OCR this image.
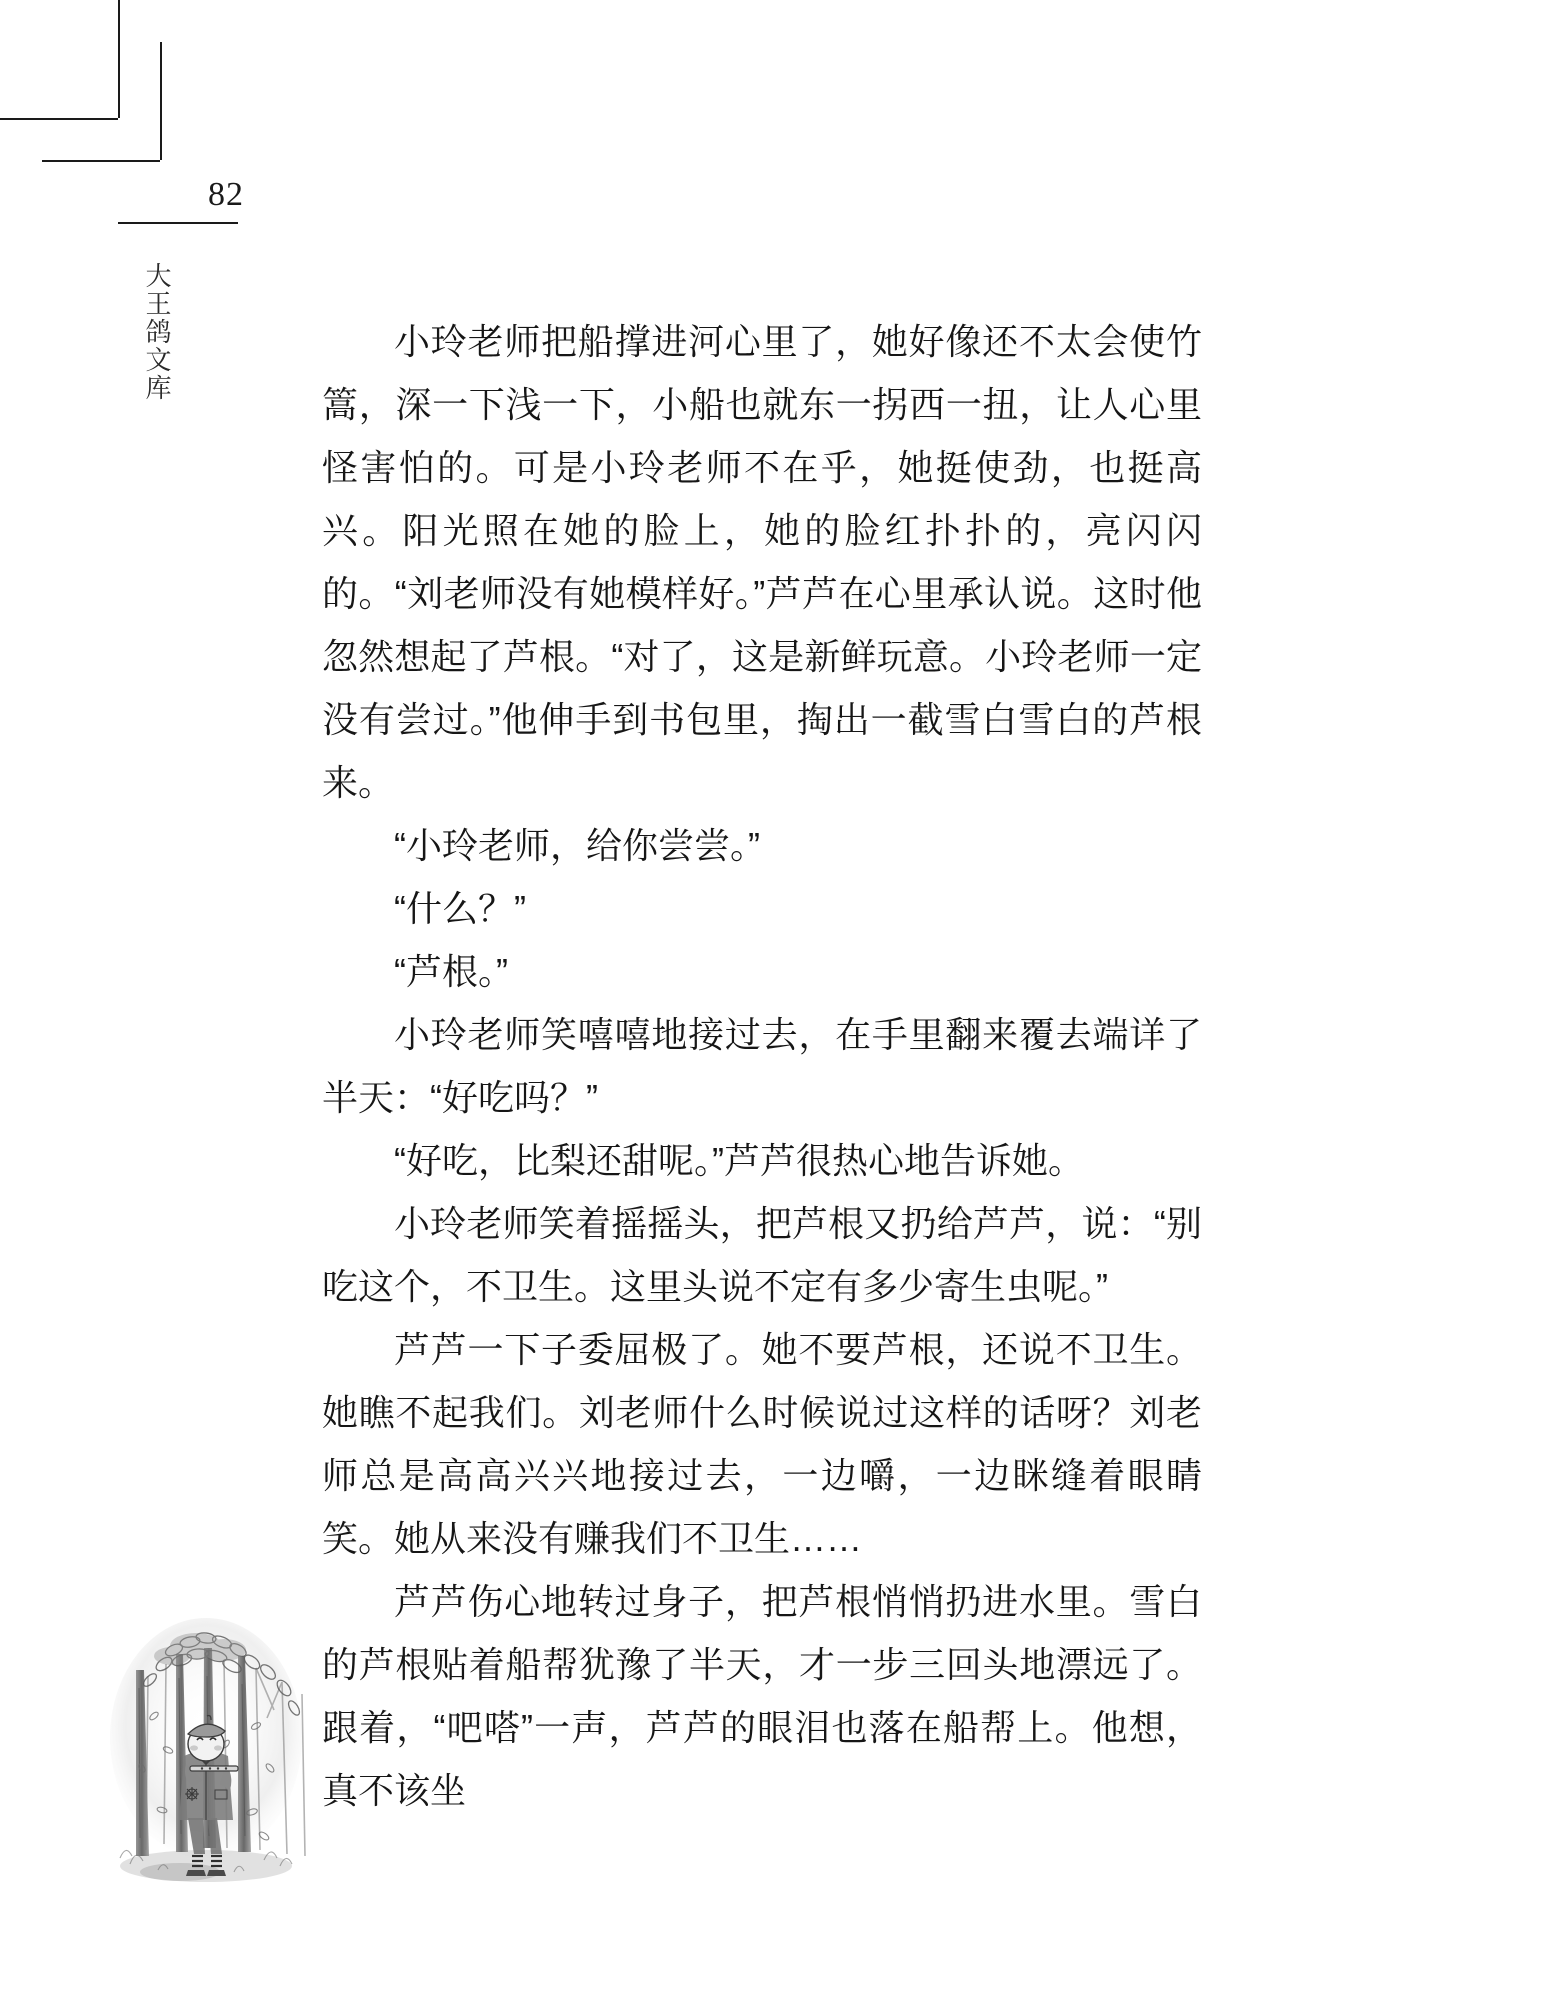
82
大王鸽文库	小玲老师把船撑进河心里了，她好像还不太会使竹篙，深一下浅一下，小船也就东一拐西一扭，让人心里怪害怕的。可是小玲老师不在乎，她挺使劲，也挺高兴。阳光照在她的脸上，她的脸红扑扑的，亮闪闪的。“刘老师没有她模样好。”芦芦在心里承认说。这时他忽然想起了芦根。“对了，这是新鲜玩意。小玲老师一定没有尝过。”他伸手到书包里，掏出一截雪白雪白的芦根来。

“小玲老师，给你尝尝。”

“什么？”

“芦根。”

小玲老师笑嘻嘻地接过去，在手里翻来覆去端详了半天：“好吃吗？”

“好吃，比梨还甜呢。”芦芦很热心地告诉她。

小玲老师笑着摇摇头，把芦根又扔给芦芦，说：“别吃这个，不卫生。这里头说不定有多少寄生虫呢。”

芦芦一下子委屈极了。她不要芦根，还说不卫生。她瞧不起我们。刘老师什么时候说过这样的话呀？刘老师总是高高兴兴地接过去，一边嚼，一边眯缝着眼睛笑。她从来没有赚我们不卫生……

芦芦伤心地转过身子，把芦根悄悄扔进水里。雪白的芦根贴着船帮犹豫了半天，才一步三回头地漂远了。跟着，“吧嗒”一声，芦芦的眼泪也落在船帮上。他想，真不该坐
